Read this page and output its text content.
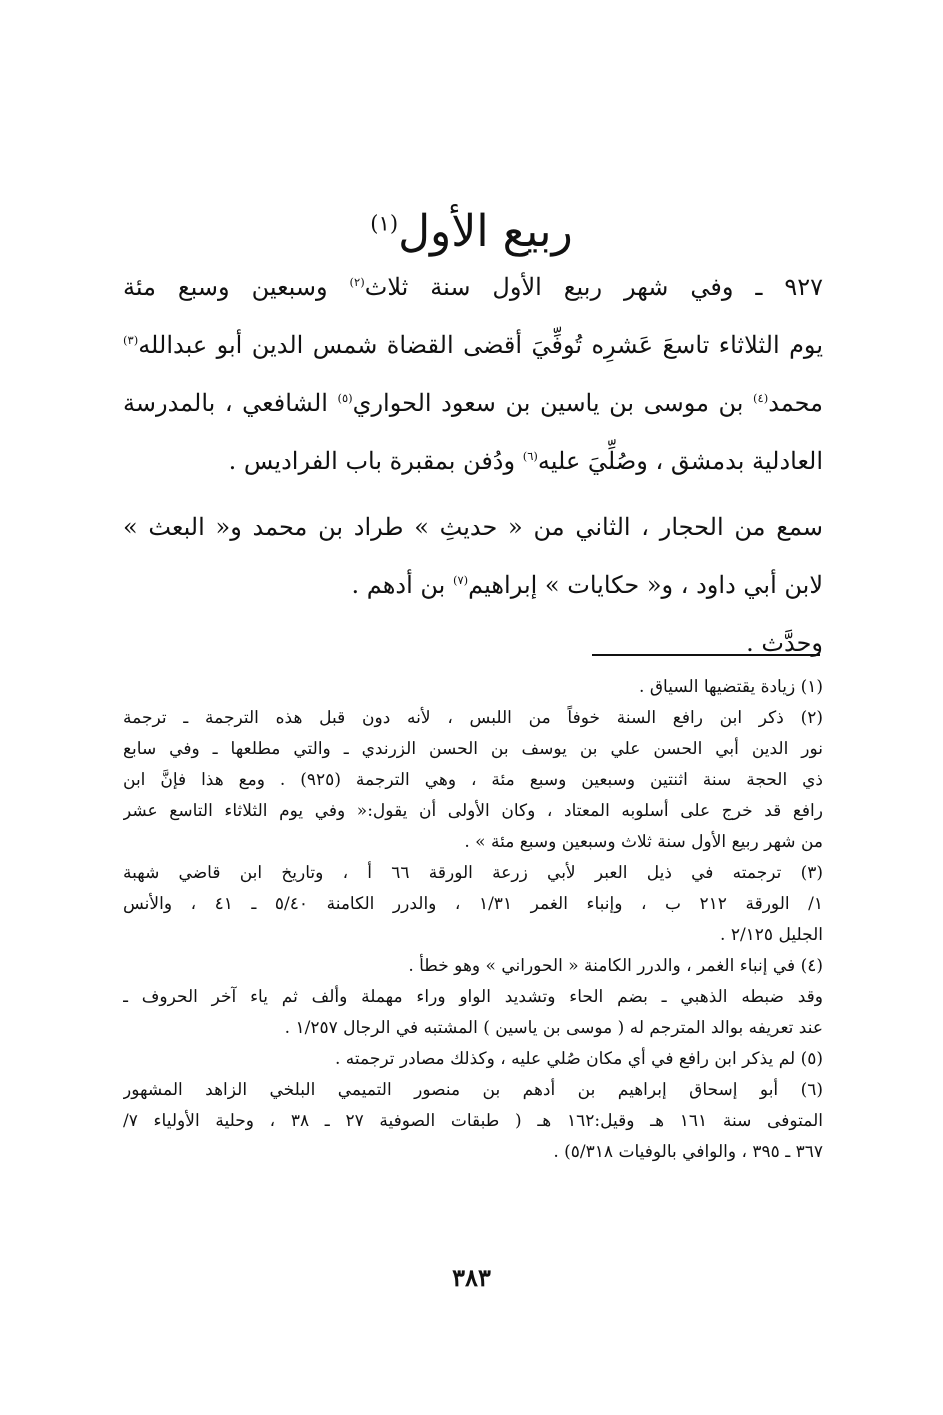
ربيع الأول$^{(١)}$
٩٢٧ ـ وفي شهر ربيع الأول سنة ثلاث$^{(٢)}$ وسبعين وسبع مئة
يوم الثلاثاء تاسعَ عَشرِه تُوفِّيَ أقضى القضاة شمس الدين أبو عبدالله$^{(٣)}$
محمد$^{(٤)}$ بن موسى بن ياسين بن سعود الحواري$^{(٥)}$ الشافعي ، بالمدرسة
العادلية بدمشق ، وصُلِّيَ عليه$^{(٦)}$ ودُفن بمقبرة باب الفراديس .
سمع من الحجار ، الثاني من « حديثِ » طراد بن محمد و« البعث »
لابن أبي داود ، و« حكايات » إبراهيم$^{(٧)}$ بن أدهم .
وحدَّث .
(١) زيادة يقتضيها السياق .
(٢) ذكر ابن رافع السنة خوفاً من اللبس ، لأنه دون قبل هذه الترجمة ـ ترجمة
نور الدين أبي الحسن علي بن يوسف بن الحسن الزرندي ـ والتي مطلعها ـ وفي سابع
ذي الحجة سنة اثنتين وسبعين وسبع مئة ، وهي الترجمة (٩٢٥) . ومع هذا فإنَّ ابن
رافع قد خرج على أسلوبه المعتاد ، وكان الأولى أن يقول:« وفي يوم الثلاثاء التاسع عشر
من شهر ربيع الأول سنة ثلاث وسبعين وسبع مئة » .
(٣) ترجمته في ذيل العبر لأبي زرعة الورقة ٦٦ أ ، وتاريخ ابن قاضي شهبة
١/ الورقة ٢١٢ ب ، وإنباء الغمر ١/٣١ ، والدرر الكامنة ٥/٤٠ ـ ٤١ ، والأنس
الجليل ٢/١٢٥ .
(٤) في إنباء الغمر ، والدرر الكامنة « الحوراني » وهو خطأ .
وقد ضبطه الذهبي ـ بضم الحاء وتشديد الواو وراء مهملة وألف ثم ياء آخر الحروف ـ
عند تعريفه بوالد المترجم له ( موسى بن ياسين ) المشتبه في الرجال ١/٢٥٧ .
(٥) لم يذكر ابن رافع في أي مكان صُلي عليه ، وكذلك مصادر ترجمته .
(٦) أبو إسحاق إبراهيم بن أدهم بن منصور التميمي البلخي الزاهد المشهور
المتوفى سنة ١٦١ هـ وقيل:١٦٢ هـ ( طبقات الصوفية ٢٧ ـ ٣٨ ، وحلية الأولياء ٧/
٣٦٧ ـ ٣٩٥ ، والوافي بالوفيات ٥/٣١٨) .
٣٨٣
